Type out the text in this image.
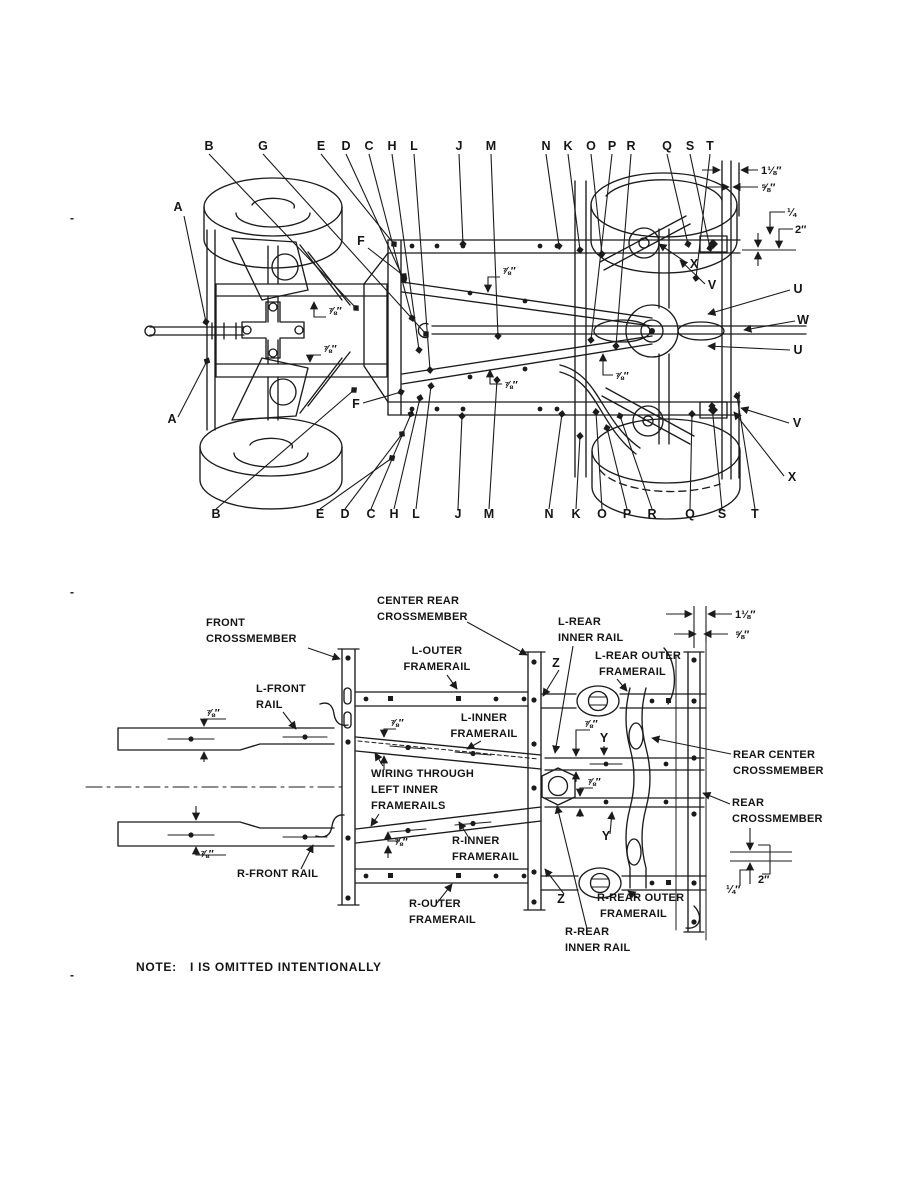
1⅛″
⅝″
¼
2″
⅞″
⅞″
⅞″
⅞″
⅞″
B	G	E D C H L	J M	N K O P R Q S T
B	E D C H L	J M	N K O P R Q S T
A
A
F
F
X
V	U
W
U
V
X
⅞″
⅞″	⅞″
⅞″
⅞″
⅞″
1⅛″
⅝″
2″
¼″
FRONT
CROSSMEMBER
CENTER REAR
CROSSMEMBER
L-OUTER
FRAMERAIL
L-FRONT
RAIL
L-INNER
FRAMERAIL
L-REAR
INNER RAIL
L-REAR OUTER
FRAMERAIL
REAR CENTER
CROSSMEMBER
REAR
CROSSMEMBER
WIRING THROUGH
LEFT INNER
FRAMERAILS
R-INNER
FRAMERAIL
R-FRONT RAIL
R-OUTER
FRAMERAIL
R-REAR OUTER
FRAMERAIL
R-REAR
INNER RAIL
Z
Z
Y
Y
NOTE: I IS OMITTED INTENTIONALLY
-
-
-
